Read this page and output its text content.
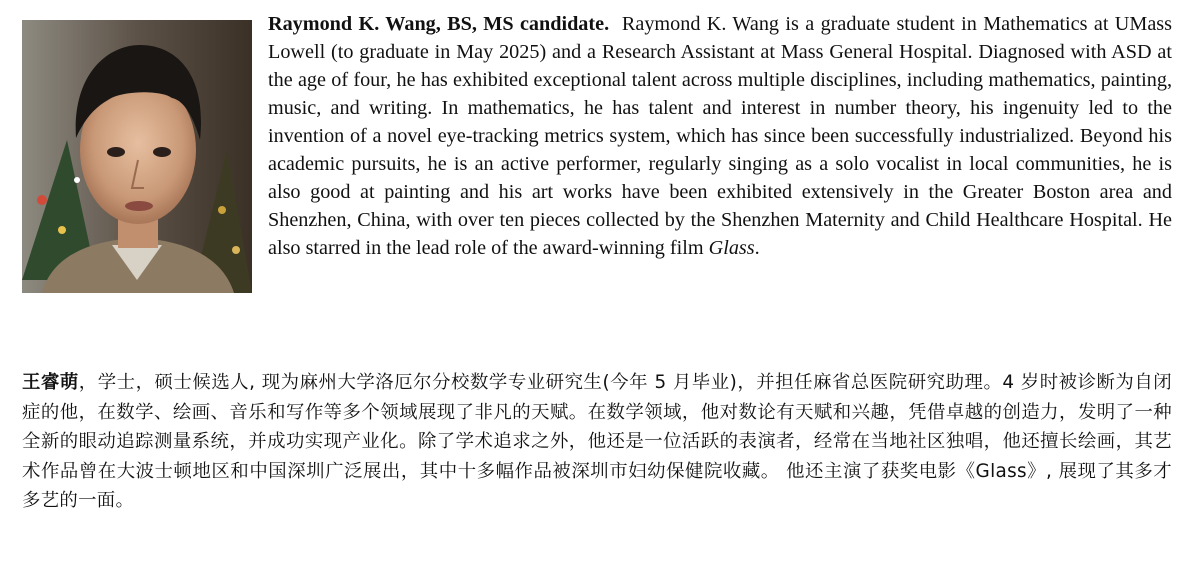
Raymond K. Wang, BS, MS candidate. Raymond K. Wang is a graduate student in Mathematics at UMass Lowell (to graduate in May 2025) and a Research Assistant at Mass General Hospital. Diagnosed with ASD at the age of four, he has exhibited exceptional talent across multiple disciplines, including mathematics, painting, music, and writing. In mathematics, he has talent and interest in number theory, his ingenuity led to the invention of a novel eye-tracking metrics system, which has since been successfully industrialized. Beyond his academic pursuits, he is an active performer, regularly singing as a solo vocalist in local communities, he is also good at painting and his art works have been exhibited extensively in the Greater Boston area and Shenzhen, China, with over ten pieces collected by the Shenzhen Maternity and Child Healthcare Hospital. He also starred in the lead role of the award-winning film Glass.

王睿萌，学士，硕士候选人, 现为麻州大学洛厄尔分校数学专业研究生(今年 5 月毕业)，并担任麻省总医院研究助理。4 岁时被诊断为自闭症的他，在数学、绘画、音乐和写作等多个领域展现了非凡的天赋。在数学领域，他对数论有天赋和兴趣，凭借卓越的创造力，发明了一种全新的眼动追踪测量系统，并成功实现产业化。除了学术追求之外，他还是一位活跃的表演者，经常在当地社区独唱，他还擅长绘画，其艺术作品曾在大波士顿地区和中国深圳广泛展出，其中十多幅作品被深圳市妇幼保健院收藏。 他还主演了获奖电影《Glass》, 展现了其多才多艺的一面。
